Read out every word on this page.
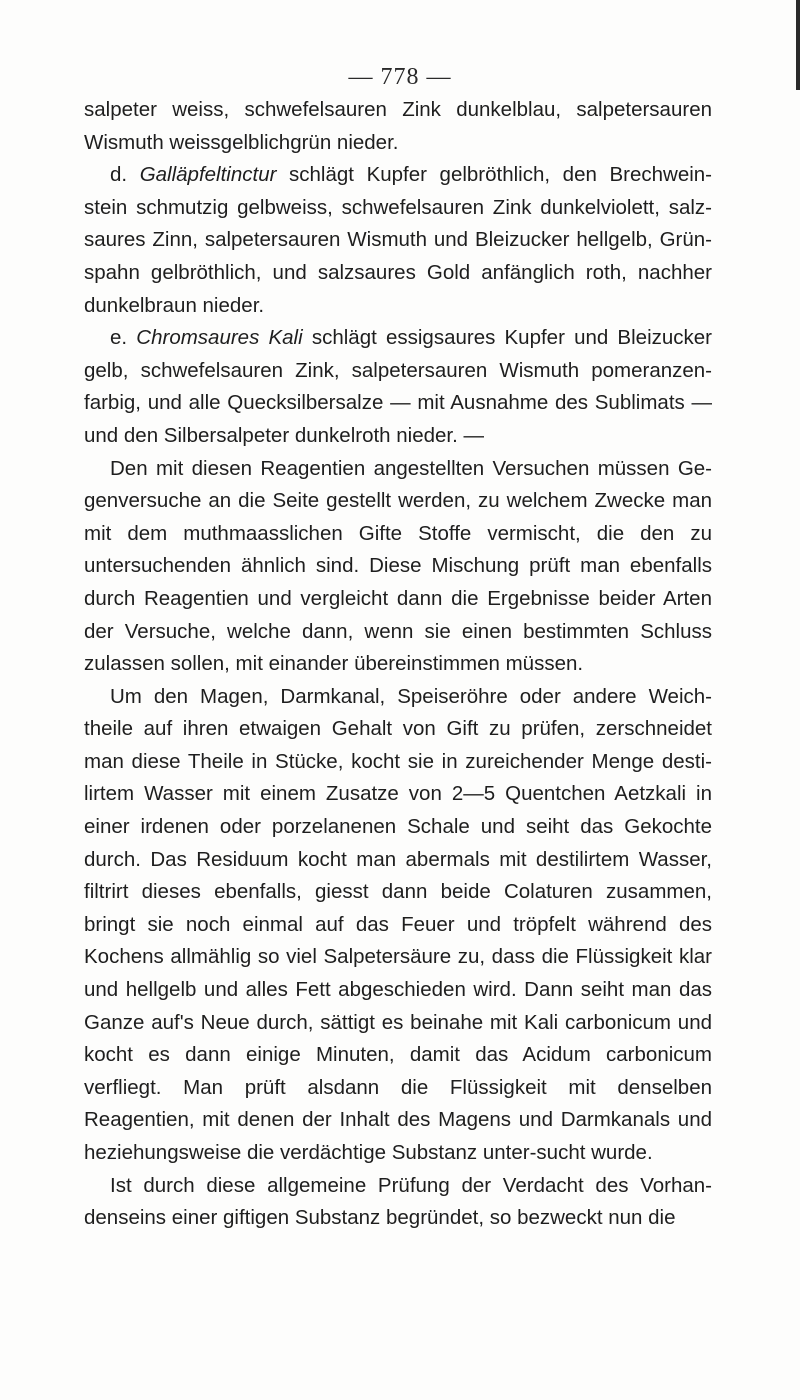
— 778 —

salpeter weiss, schwefelsauren Zink dunkelblau, salpetersauren Wismuth weissgelblichgrün nieder.

d. Galläpfeltinctur schlägt Kupfer gelbröthlich, den Brechwein-stein schmutzig gelbweiss, schwefelsauren Zink dunkelviolett, salz-saures Zinn, salpetersauren Wismuth und Bleizucker hellgelb, Grün-spahn gelbröthlich, und salzsaures Gold anfänglich roth, nachher dunkelbraun nieder.

e. Chromsaures Kali schlägt essigsaures Kupfer und Bleizucker gelb, schwefelsauren Zink, salpetersauren Wismuth pomeranzen-farbig, und alle Quecksilbersalze — mit Ausnahme des Sublimats — und den Silbersalpeter dunkelroth nieder. —

Den mit diesen Reagentien angestellten Versuchen müssen Ge-genversuche an die Seite gestellt werden, zu welchem Zwecke man mit dem muthmaasslichen Gifte Stoffe vermischt, die den zu untersuchenden ähnlich sind. Diese Mischung prüft man ebenfalls durch Reagentien und vergleicht dann die Ergebnisse beider Arten der Versuche, welche dann, wenn sie einen bestimmten Schluss zulassen sollen, mit einander übereinstimmen müssen.

Um den Magen, Darmkanal, Speiseröhre oder andere Weich-theile auf ihren etwaigen Gehalt von Gift zu prüfen, zerschneidet man diese Theile in Stücke, kocht sie in zureichender Menge desti-lirtem Wasser mit einem Zusatze von 2—5 Quentchen Aetzkali in einer irdenen oder porzelanenen Schale und seiht das Gekochte durch. Das Residuum kocht man abermals mit destilirtem Wasser, filtrirt dieses ebenfalls, giesst dann beide Colaturen zusammen, bringt sie noch einmal auf das Feuer und tröpfelt während des Kochens allmählig so viel Salpetersäure zu, dass die Flüssigkeit klar und hellgelb und alles Fett abgeschieden wird. Dann seiht man das Ganze auf's Neue durch, sättigt es beinahe mit Kali carbonicum und kocht es dann einige Minuten, damit das Acidum carbonicum verfliegt. Man prüft alsdann die Flüssigkeit mit denselben Reagentien, mit denen der Inhalt des Magens und Darmkanals und heziehungsweise die verdächtige Substanz unter-sucht wurde.

Ist durch diese allgemeine Prüfung der Verdacht des Vorhan-denseins einer giftigen Substanz begründet, so bezweckt nun die
